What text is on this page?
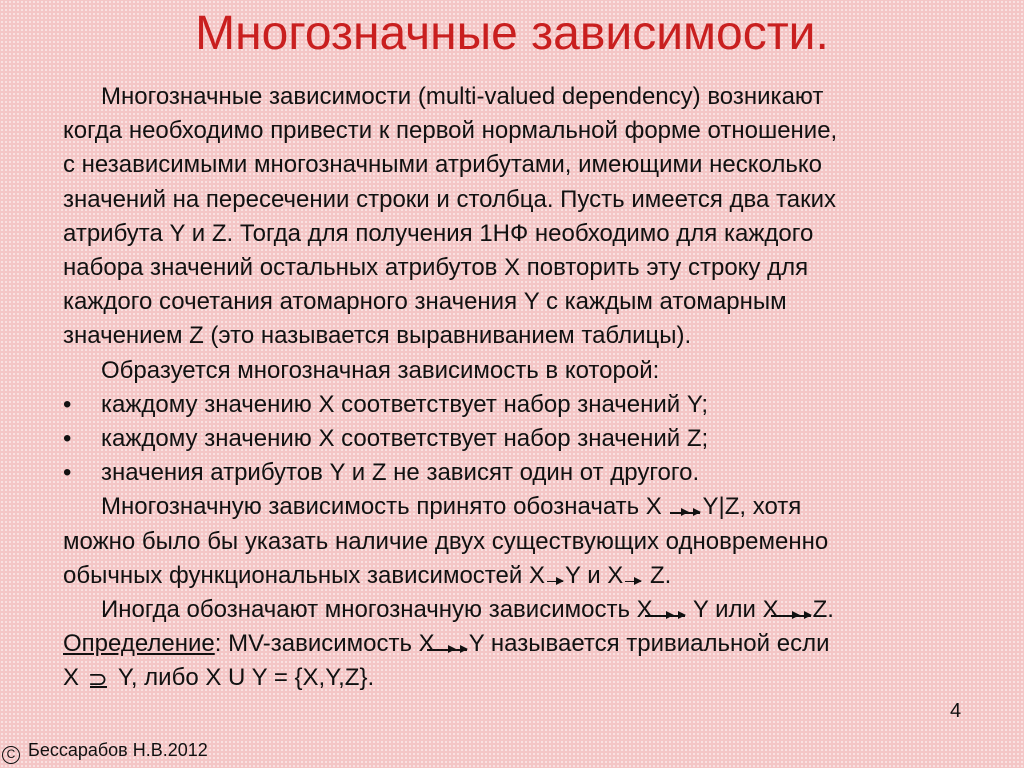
Многозначные зависимости.
Многозначные зависимости (multi-valued dependency) возникают
когда необходимо привести к первой нормальной форме отношение,
с независимыми многозначными атрибутами, имеющими несколько
значений на пересечении строки и столбца. Пусть имеется два таких
атрибута Y и Z. Тогда для получения 1НФ необходимо для каждого
набора значений остальных атрибутов X повторить эту строку для
каждого сочетания атомарного значения Y с каждым атомарным
значением Z (это называется выравниванием таблицы).
Образуется многозначная зависимость в которой:
• каждому значению X соответствует набор значений Y;
• каждому значению X соответствует набор значений Z;
• значения атрибутов Y и Z не зависят один от другого.
Многозначную зависимость принято обозначать X
Y|Z, хотя
можно было бы указать наличие двух существующих одновременно
обычных функциональных зависимостей X Y и X Z.
Иногда обозначают многозначную зависимость X
Y или X Z.
Определение: MV-зависимость X Y называется тривиальной если
X  Y, либо X U Y = {X,Y,Z}.
4
C Бессарабов Н.В.2012
